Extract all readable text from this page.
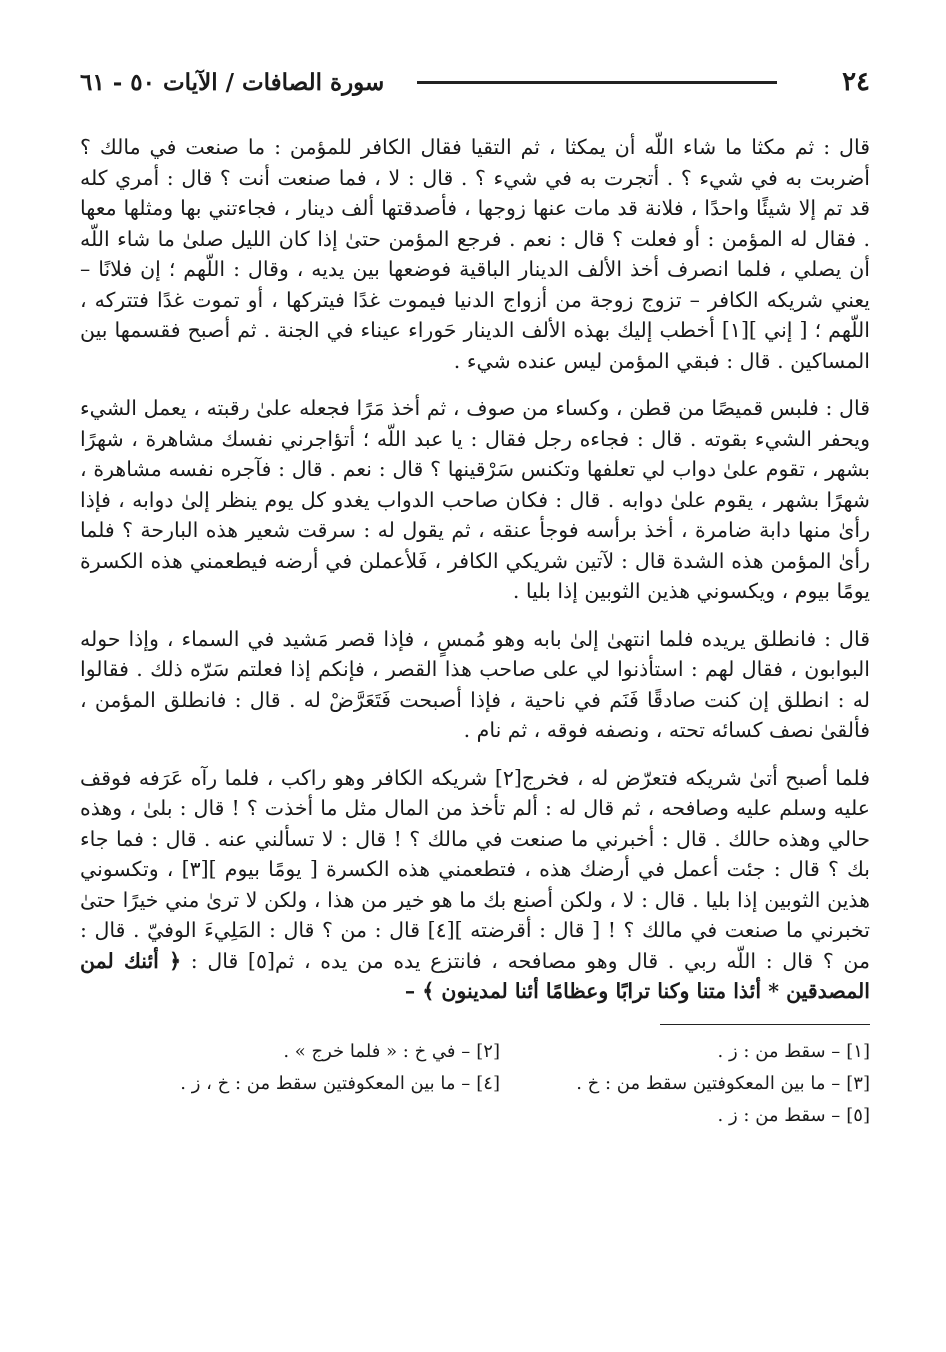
٢٤
سورة الصافات / الآيات ٥٠ - ٦١

قال : ثم مكثا ما شاء اللّه أن يمكثا ، ثم التقيا فقال الكافر للمؤمن : ما صنعت في مالك ؟أضربت به في شيء ؟ . أتجرت به في شيء ؟ . قال : لا ، فما صنعت أنت ؟ قال : أمري كله قد تم إلا شيئًا واحدًا ، فلانة قد مات عنها زوجها ، فأصدقتها ألف دينار ، فجاءتني بها ومثلها معها . فقال له المؤمن : أو فعلت ؟ قال : نعم . فرجع المؤمن حتىٰ إذا كان الليل صلىٰ ما شاء اللّه أن يصلي ، فلما انصرف أخذ الألف الدينار الباقية فوضعها بين يديه ، وقال : اللّهم ؛ إن فلانًا – يعني شريكه الكافر – تزوج زوجة من أزواج الدنيا فيموت غدًا فيتركها ، أو تموت غدًا فتتركه ، اللّهم ؛ [ إني ][١] أخطب إليك بهذه الألف الدينار حَوراء عيناء في الجنة . ثم أصبح فقسمها بين المساكين . قال : فبقي المؤمن ليس عنده شيء .

قال : فلبس قميصًا من قطن ، وكساء من صوف ، ثم أخذ مَرًا فجعله علىٰ رقبته ، يعمل الشيء ويحفر الشيء بقوته . قال : فجاءه رجل فقال : يا عبد اللّه ؛ أتؤاجرني نفسك مشاهرة ، شهرًا بشهر ، تقوم علىٰ دواب لي تعلفها وتكنس سَرْقينها ؟ قال : نعم . قال : فآجره نفسه مشاهرة ، شهرًا بشهر ، يقوم علىٰ دوابه . قال : فكان صاحب الدواب يغدو كل يوم ينظر إلىٰ دوابه ، فإذا رأىٰ منها دابة ضامرة ، أخذ برأسه فوجأ عنقه ، ثم يقول له : سرقت شعير هذه البارحة ؟ فلما رأىٰ المؤمن هذه الشدة قال : لآتين شريكي الكافر ، فَلأعملن في أرضه فيطعمني هذه الكسرة يومًا بيوم ، ويكسوني هذين الثوبين إذا بليا .

قال : فانطلق يريده فلما انتهىٰ إلىٰ بابه وهو مُمسٍ ، فإذا قصر مَشيد في السماء ، وإذا حوله البوابون ، فقال لهم : استأذنوا لي على صاحب هذا القصر ، فإنكم إذا فعلتم سَرّه ذلك . فقالوا له : انطلق إن كنت صادقًا فَنَم في ناحية ، فإذا أصبحت فَتَعَرَّضْ له . قال : فانطلق المؤمن ، فألقىٰ نصف كسائه تحته ، ونصفه فوقه ، ثم نام .

فلما أصبح أتىٰ شريكه فتعرّض له ، فخرج[٢] شريكه الكافر وهو راكب ، فلما رآه عَرَفه فوقف عليه وسلم عليه وصافحه ، ثم قال له : ألم تأخذ من المال مثل ما أخذت ؟ ! قال : بلىٰ ، وهذه حالي وهذه حالك . قال : أخبرني ما صنعت في مالك ؟ ! قال : لا تسألني عنه . قال : فما جاء بك ؟ قال : جئت أعمل في أرضك هذه ، فتطعمني هذه الكسرة [ يومًا بيوم ][٣] ، وتكسوني هذين الثوبين إذا بليا . قال : لا ، ولكن أصنع بك ما هو خير من هذا ، ولكن لا ترىٰ مني خيرًا حتىٰ تخبرني ما صنعت في مالك ؟ ! [ قال : أقرضته ][٤] قال : من ؟ قال : المَلِيءَ الوفيّ . قال : من ؟ قال : اللّه ربي . قال وهو مصافحه ، فانتزع يده من يده ، ثم[٥] قال : ﴿ أئنك لمن المصدقين * أئذا متنا وكنا ترابًا وعظامًا أئنا لمدينون ﴾ –

[١]– سقط من : ز .
[٢]– في خ : « فلما خرج » .
[٣]– ما بين المعكوفتين سقط من : خ .
[٤]– ما بين المعكوفتين سقط من : خ ، ز .
[٥]– سقط من : ز .
